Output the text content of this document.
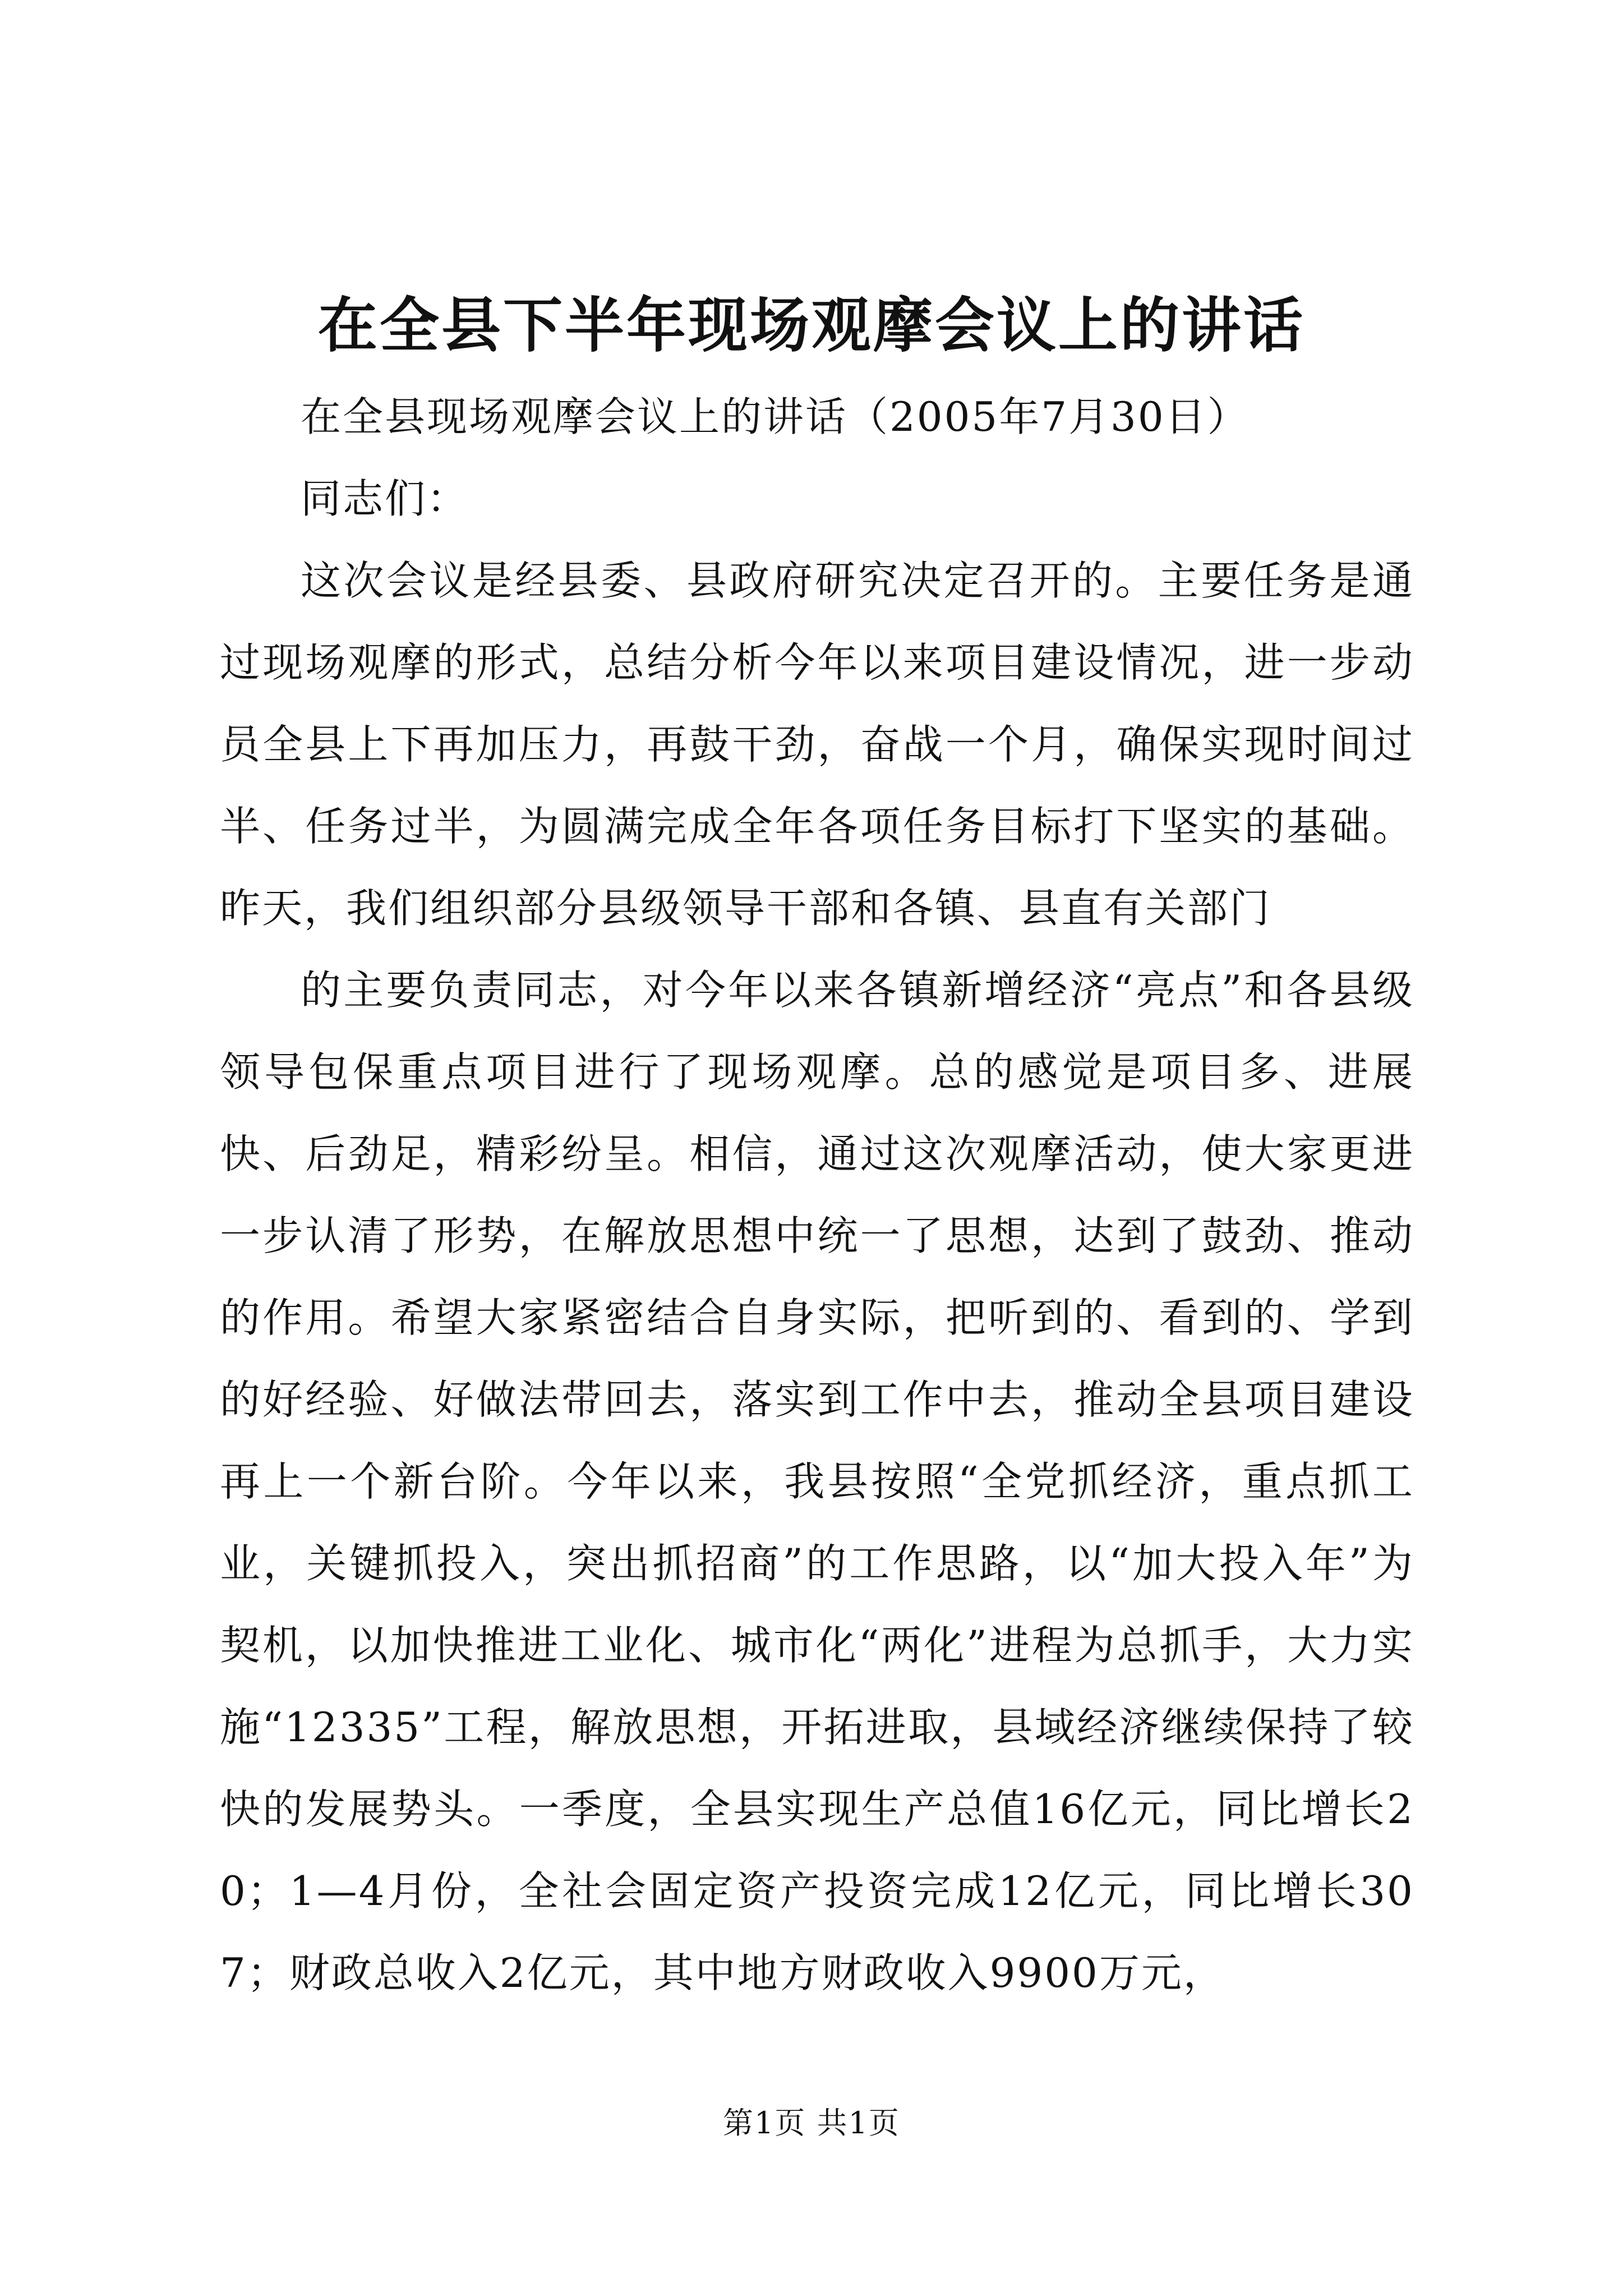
在全县下半年现场观摩会议上的讲话

在全县现场观摩会议上的讲话（2005年7月30日）

同志们：

这次会议是经县委、县政府研究决定召开的。主要任务是通过现场观摩的形式，总结分析今年以来项目建设情况，进一步动员全县上下再加压力，再鼓干劲，奋战一个月，确保实现时间过半、任务过半，为圆满完成全年各项任务目标打下坚实的基础。昨天，我们组织部分县级领导干部和各镇、县直有关部门

的主要负责同志，对今年以来各镇新增经济“亮点”和各县级领导包保重点项目进行了现场观摩。总的感觉是项目多、进展快、后劲足，精彩纷呈。相信，通过这次观摩活动，使大家更进一步认清了形势，在解放思想中统一了思想，达到了鼓劲、推动的作用。希望大家紧密结合自身实际，把听到的、看到的、学到的好经验、好做法带回去，落实到工作中去，推动全县项目建设再上一个新台阶。今年以来，我县按照“全党抓经济，重点抓工业，关键抓投入，突出抓招商”的工作思路，以“加大投入年”为契机，以加快推进工业化、城市化“两化”进程为总抓手，大力实施“12335”工程，解放思想，开拓进取，县域经济继续保持了较快的发展势头。一季度，全县实现生产总值16亿元，同比增长20；1—4月份，全社会固定资产投资完成12亿元，同比增长307；财政总收入2亿元，其中地方财政收入9900万元，

第1页 共1页
